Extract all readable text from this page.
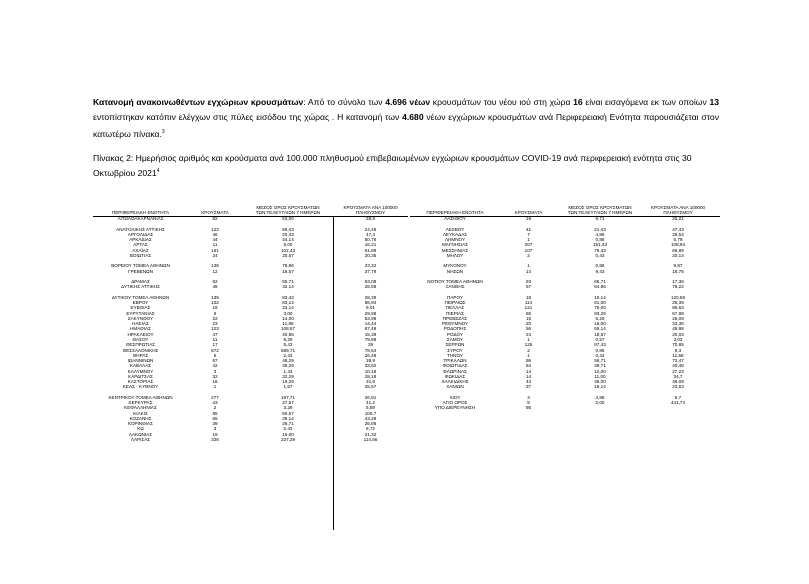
Κατανομή ανακοινωθέντων εγχώριων κρουσμάτων: Από το σύνολο των 4.696 νέων κρουσμάτων του νέου ιού στη χώρα 16 είναι εισαγόμενα εκ των οποίων 13 εντοπίστηκαν κατόπιν ελέγχων στις πύλες εισόδου της χώρας . Η κατανομή των 4.680 νέων εγχώριων κρουσμάτων ανά Περιφερειακή Ενότητα παρουσιάζεται στον κατωτέρω πίνακα.$^3$
Πίνακας 2: Ημερήσιος αριθμός και κρούσματα ανά 100.000 πληθυσμού επιβεβαιωμένων εγχώριων κρουσμάτων COVID-19 ανά περιφερειακή ενότητα στις 30 Οκτωβρίου 2021$^4$
ΠΕΡΙΦΕΡΕΙΑΚΗ ΕΝΟΤΗΤΑ	ΚΡΟΥΣΜΑΤΑ
ΜΕΣΟΣ ΟΡΟΣ ΚΡΟΥΣΜΑΤΩΝ
ΤΩΝ ΤΕΛΕΥΤΑΙΩΝ 7 ΗΜΕΡΩΝ
ΚΡΟΥΣΜΑΤΑ ΑΝΑ 100000
ΠΛΗΘΥΣΜΟΥ
ΑΙΤΩΛΟΑΚΑΡΝΑΝΙΑΣ	82	53,00	38,9
ΑΝΑΤΟΛΙΚΗΣ ΑΤΤΙΚΗΣ	123	66,43	24,49
ΑΡΓΟΛΙΔΑΣ	46	20,43	47,4
ΑΡΚΑΔΙΑΣ	44	44,14	50,76
ΑΡΤΑΣ	11	5,00	16,21
ΑΧΑΪΑΣ	161	102,43	51,89
ΒΟΙΩΤΙΑΣ	24	20,57	20,35
ΒΟΡΕΙΟΥ ΤΟΜΕΑ ΑΘΗΝΩΝ	138	79,86	23,32
ΓΡΕΒΕΝΩΝ	12	16,57	37,79
ΔΡΑΜΑΣ	62	55,71	63,08
ΔΥΤΙΚΗΣ ΑΤΤΙΚΗΣ	46	32,14	28,58
ΔΥΤΙΚΟΥ ΤΟΜΕΑ ΑΘΗΝΩΝ	139	83,43	28,39
ΕΒΡΟΥ	102	83,14	68,94
ΕΥΒΟΙΑΣ	19	23,14	9,01
ΕΥΡΥΤΑΝΙΑΣ	6	3,00	29,88
ΖΑΚΥΝΘΟΥ	22	14,00	53,98
ΗΛΕΙΑΣ	23	11,86	14,44
ΗΜΑΘΙΑΣ	123	108,57	87,48
ΗΡΑΚΛΕΙΟΥ	47	40,86	15,39
ΘΑΣΟΥ	11	9,29	79,88
ΘΕΣΠΡΩΤΙΑΣ	17	5,43	39
ΘΕΣΣΑΛΟΝΙΚΗΣ	872	589,71	78,54
ΘΗΡΑΣ	5	2,43	26,48
ΙΩΑΝΝΙΝΩΝ	67	48,29	39,9
ΚΑΒΑΛΑΣ	42	35,29	33,62
ΚΑΛΥΜΝΟΥ	3	1,43	10,19
ΚΑΡΔΙΤΣΑΣ	32	32,29	28,18
ΚΑΣΤΟΡΙΑΣ	16	19,29	31,8
ΚΕΑΣ - ΚΥΘΝΟΥ	1	1,57	25,57
ΚΕΝΤΡΙΚΟΥ ΤΟΜΕΑ ΑΘΗΝΩΝ	277	197,71	26,91
ΚΕΡΚΥΡΑΣ	43	27,57	41,2
ΚΕΦΑΛΛΗΝΙΑΣ	2	3,29	5,59
ΚΙΛΚΙΣ	85	60,57	105,7
ΚΟΖΑΝΗΣ	65	38,14	43,28
ΚΟΡΙΝΘΙΑΣ	39	28,71	26,88
ΚΩ	3	2,43	8,72
ΛΑΚΩΝΙΑΣ	19	15,00	21,32
ΛΑΡΙΣΑΣ	326	237,29	114,66
ΠΕΡΙΦΕΡΕΙΑΚΗ ΕΝΟΤΗΤΑ	ΚΡΟΥΣΜΑΤΑ
ΜΕΣΟΣ ΟΡΟΣ ΚΡΟΥΣΜΑΤΩΝ
ΤΩΝ ΤΕΛΕΥΤΑΙΩΝ 7 ΗΜΕΡΩΝ
ΚΡΟΥΣΜΑΤΑ ΑΝΑ 100000
ΠΛΗΘΥΣΜΟΥ
ΛΑΣΙΘΙΟΥ	19	9,71	25,21
ΛΕΣΒΟΥ	41	21,43	47,43
ΛΕΥΚΑΔΑΣ	7	4,86	29,54
ΛΗΜΝΟΥ	1	0,86	5,79
ΜΑΓΝΗΣΙΑΣ	207	151,43	108,94
ΜΕΣΣΗΝΙΑΣ	107	79,43	66,89
ΜΗΛΟΥ	2	0,43	20,14
ΜΥΚΟΝΟΥ	1	0,86	9,87
ΝΗΣΩΝ	14	9,43	18,75
ΝΟΤΙΟΥ ΤΟΜΕΑ ΑΘΗΝΩΝ	93	66,71	17,36
ΞΑΝΘΗΣ	87	64,86	78,22
ΠΑΡΟΥ	18	10,14	120,59
ΠΕΙΡΑΙΩΣ	114	81,00	25,39
ΠΕΛΛΑΣ	121	75,00	86,63
ΠΙΕΡΙΑΣ	86	83,29	67,88
ΠΡΕΒΕΖΑΣ	15	6,29	26,09
ΡΕΘΥΜΝΟΥ	20	16,00	23,36
ΡΟΔΟΠΗΣ	56	55,14	49,98
ΡΟΔΟΥ	24	18,57	20,03
ΣΑΜΟΥ	1	0,57	3,03
ΣΕΡΡΩΝ	125	87,43	70,85
ΣΥΡΟΥ	2	0,86	9,3
ΤΗΝΟΥ	1	0,43	11,58
ΤΡΙΚΑΛΩΝ	95	56,71	72,47
ΦΘΙΩΤΙΔΑΣ	64	39,71	40,45
ΦΛΩΡΙΝΑΣ	14	12,00	27,23
ΦΩΚΙΔΑΣ	14	11,00	34,7
ΧΑΛΚΙΔΙΚΗΣ	43	36,00	46,09
ΧΑΝΙΩΝ	37	19,14	23,63
ΧΙΟΥ	3	4,86	5,7
ΑΓΙΟ ΟΡΟΣ	8	2,00	441,74
ΥΠΟ ΔΙΕΡΕΥΝΗΣΗ	86
